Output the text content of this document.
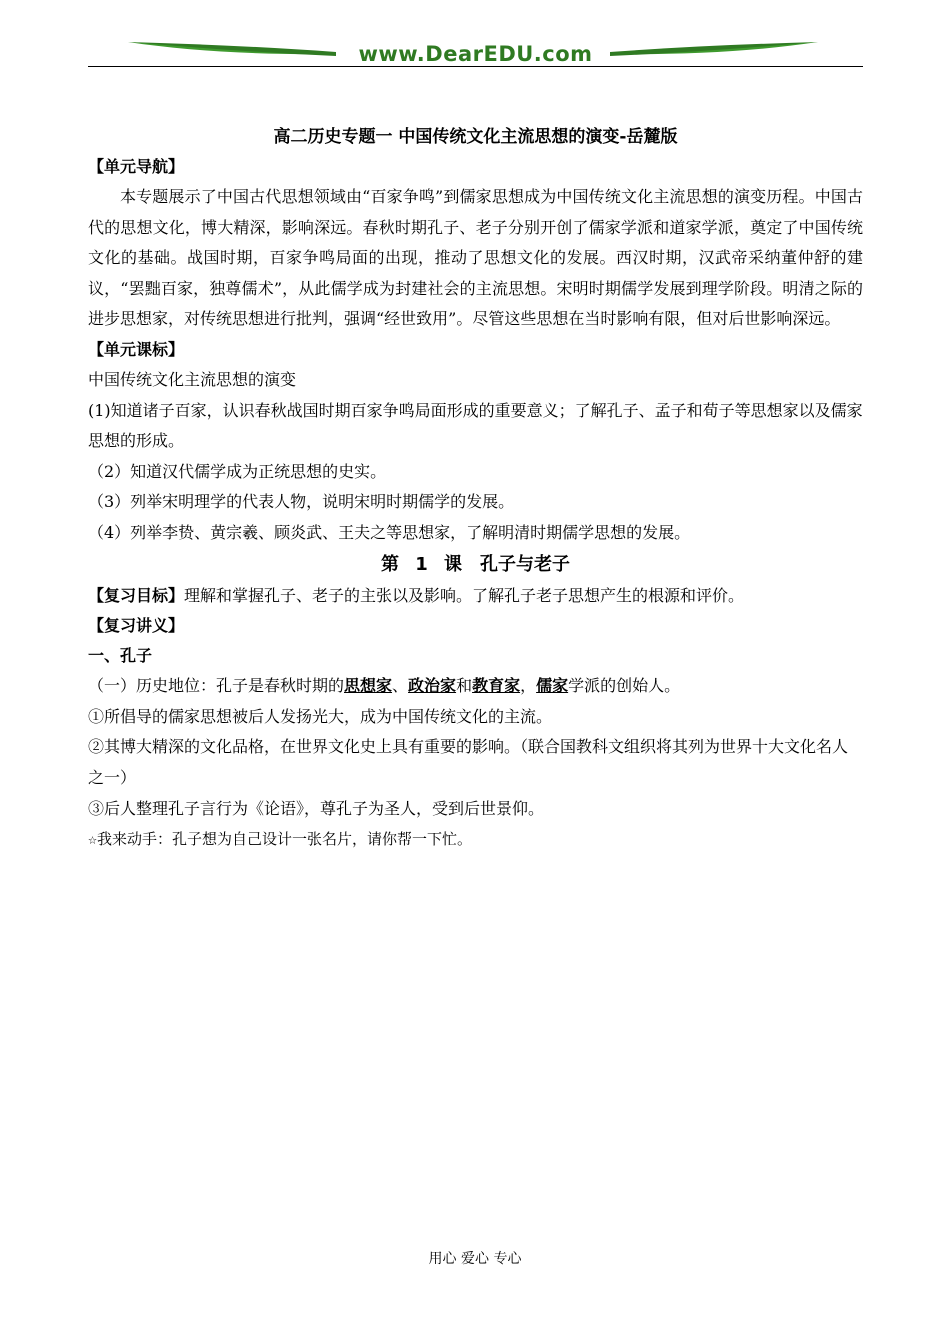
www.DearEDU.com
高二历史专题一 中国传统文化主流思想的演变-岳麓版
【单元导航】

本专题展示了中国古代思想领域由“百家争鸣”到儒家思想成为中国传统文化主流思想的演变历程。中国古代的思想文化，博大精深，影响深远。春秋时期孔子、老子分别开创了儒家学派和道家学派，奠定了中国传统文化的基础。战国时期，百家争鸣局面的出现，推动了思想文化的发展。西汉时期，汉武帝采纳董仲舒的建议，“罢黜百家，独尊儒术”，从此儒学成为封建社会的主流思想。宋明时期儒学发展到理学阶段。明清之际的进步思想家，对传统思想进行批判，强调“经世致用”。尽管这些思想在当时影响有限，但对后世影响深远。

【单元课标】

中国传统文化主流思想的演变

(1)知道诸子百家，认识春秋战国时期百家争鸣局面形成的重要意义；了解孔子、孟子和荀子等思想家以及儒家思想的形成。

（2）知道汉代儒学成为正统思想的史实。

（3）列举宋明理学的代表人物，说明宋明时期儒学的发展。

（4）列举李贽、黄宗羲、顾炎武、王夫之等思想家，了解明清时期儒学思想的发展。

第 1 课　孔子与老子

【复习目标】理解和掌握孔子、老子的主张以及影响。了解孔子老子思想产生的根源和评价。

【复习讲义】
一、孔子

（一）历史地位：孔子是春秋时期的思想家、政治家和教育家，儒家学派的创始人。

①所倡导的儒家思想被后人发扬光大，成为中国传统文化的主流。

②其博大精深的文化品格，在世界文化史上具有重要的影响。（联合国教科文组织将其列为世界十大文化名人之一）

③后人整理孔子言行为《论语》，尊孔子为圣人，受到后世景仰。

☆我来动手：孔子想为自己设计一张名片，请你帮一下忙。

用心 爱心 专心
